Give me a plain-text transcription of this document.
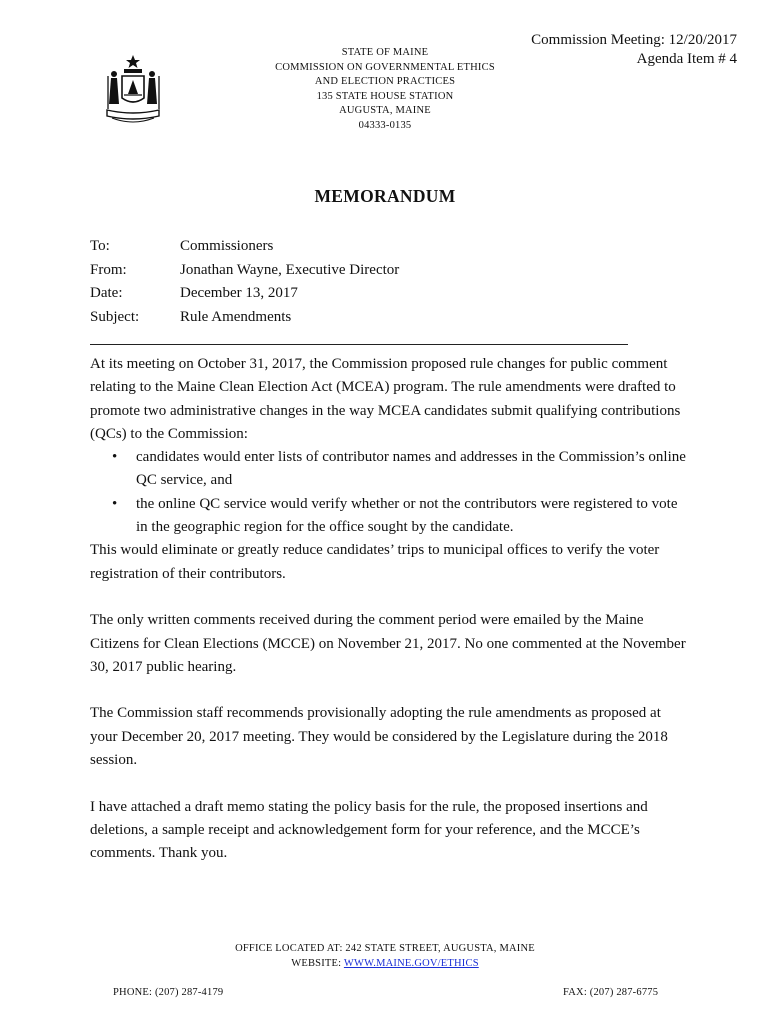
STATE OF MAINE
COMMISSION ON GOVERNMENTAL ETHICS
AND ELECTION PRACTICES
135 STATE HOUSE STATION
AUGUSTA, MAINE
04333-0135
Commission Meeting: 12/20/2017
Agenda Item # 4
MEMORANDUM
To:	Commissioners
From:	Jonathan Wayne, Executive Director
Date:	December 13, 2017
Subject:	Rule Amendments

At its meeting on October 31, 2017, the Commission proposed rule changes for public comment relating to the Maine Clean Election Act (MCEA) program. The rule amendments were drafted to promote two administrative changes in the way MCEA candidates submit qualifying contributions (QCs) to the Commission:

• candidates would enter lists of contributor names and addresses in the Commission’s online QC service, and
• the online QC service would verify whether or not the contributors were registered to vote in the geographic region for the office sought by the candidate.

This would eliminate or greatly reduce candidates’ trips to municipal offices to verify the voter registration of their contributors.

The only written comments received during the comment period were emailed by the Maine Citizens for Clean Elections (MCCE) on November 21, 2017. No one commented at the November 30, 2017 public hearing.

The Commission staff recommends provisionally adopting the rule amendments as proposed at your December 20, 2017 meeting. They would be considered by the Legislature during the 2018 session.

I have attached a draft memo stating the policy basis for the rule, the proposed insertions and deletions, a sample receipt and acknowledgement form for your reference, and the MCCE’s comments. Thank you.

OFFICE LOCATED AT: 242 STATE STREET, AUGUSTA, MAINE
WEBSITE: WWW.MAINE.GOV/ETHICS
PHONE: (207) 287-4179	FAX: (207) 287-6775
